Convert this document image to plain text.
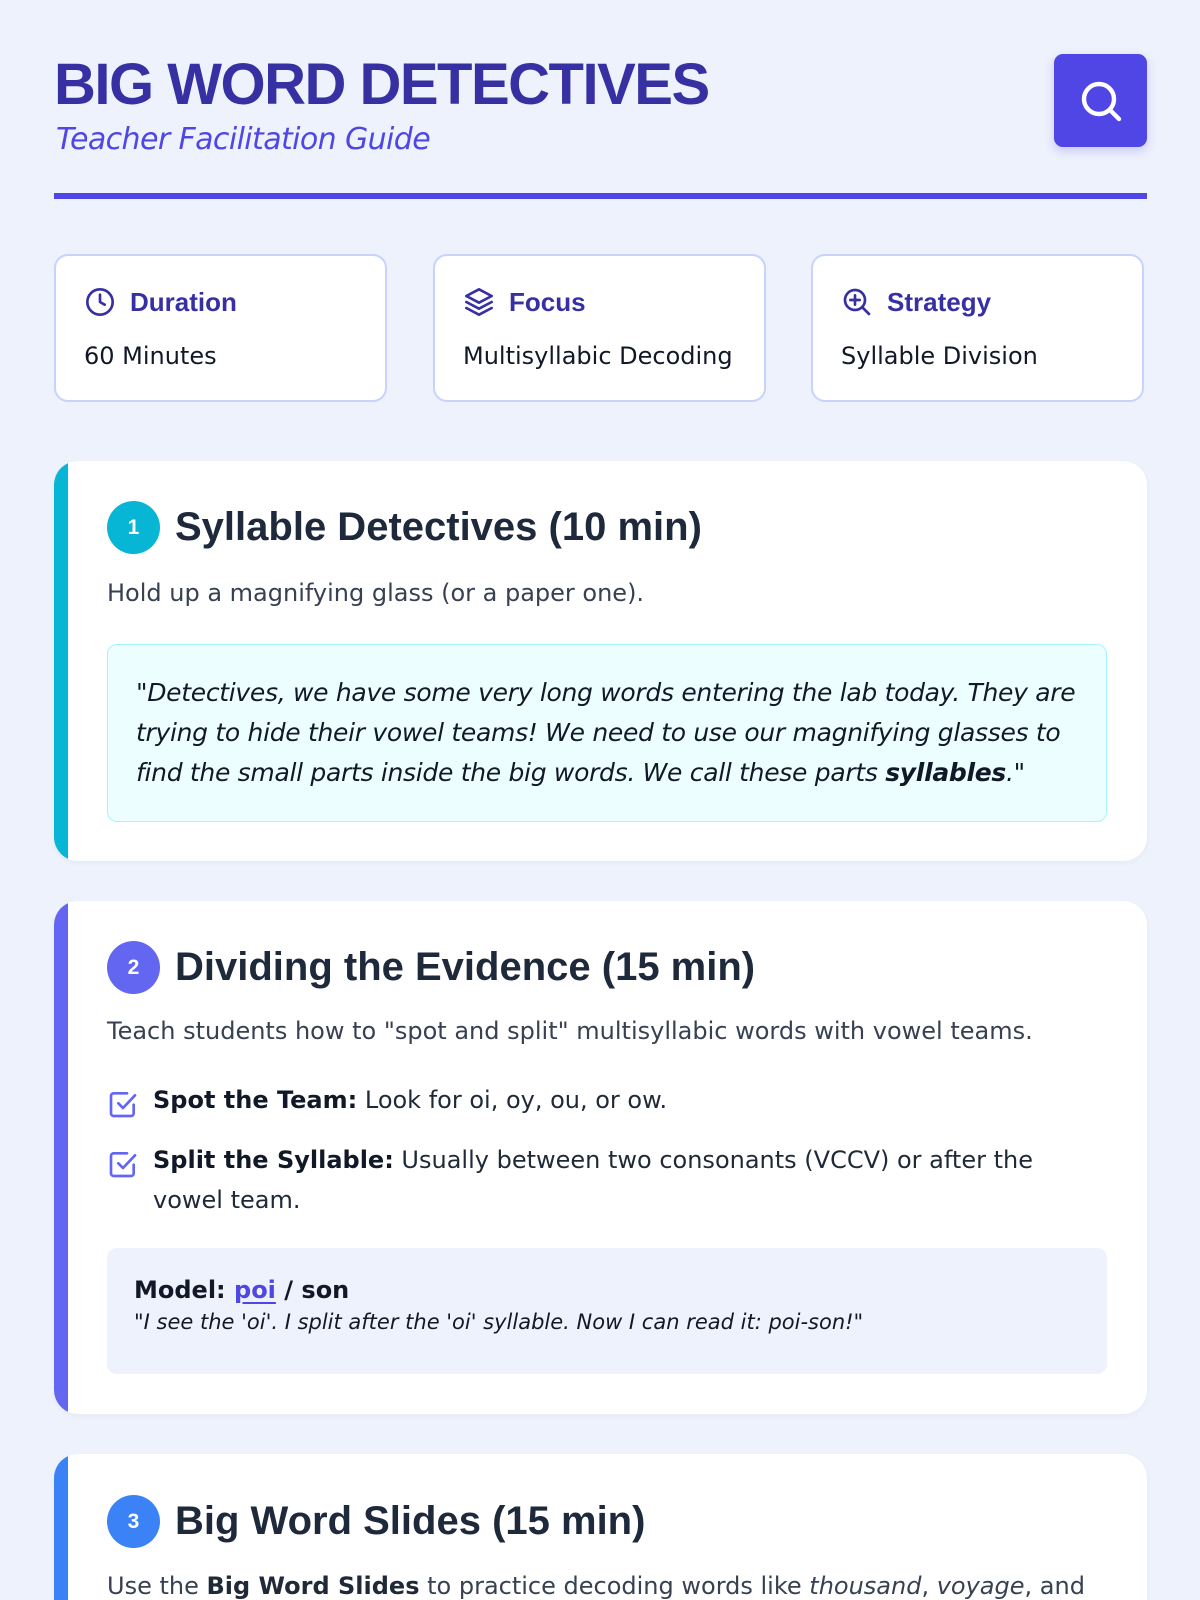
BIG WORD DETECTIVES
Teacher Facilitation Guide
Duration
60 Minutes
Focus
Multisyllabic Decoding
Strategy
Syllable Division
1 Syllable Detectives (10 min)
Hold up a magnifying glass (or a paper one).
"Detectives, we have some very long words entering the lab today. They are trying to hide their vowel teams! We need to use our magnifying glasses to find the small parts inside the big words. We call these parts syllables."
2 Dividing the Evidence (15 min)
Teach students how to "spot and split" multisyllabic words with vowel teams.
Spot the Team: Look for oi, oy, ou, or ow.
Split the Syllable: Usually between two consonants (VCCV) or after the vowel team.
Model: poi / son
"I see the 'oi'. I split after the 'oi' syllable. Now I can read it: poi-son!"
3 Big Word Slides (15 min)
Use the Big Word Slides to practice decoding words like thousand, voyage, and
